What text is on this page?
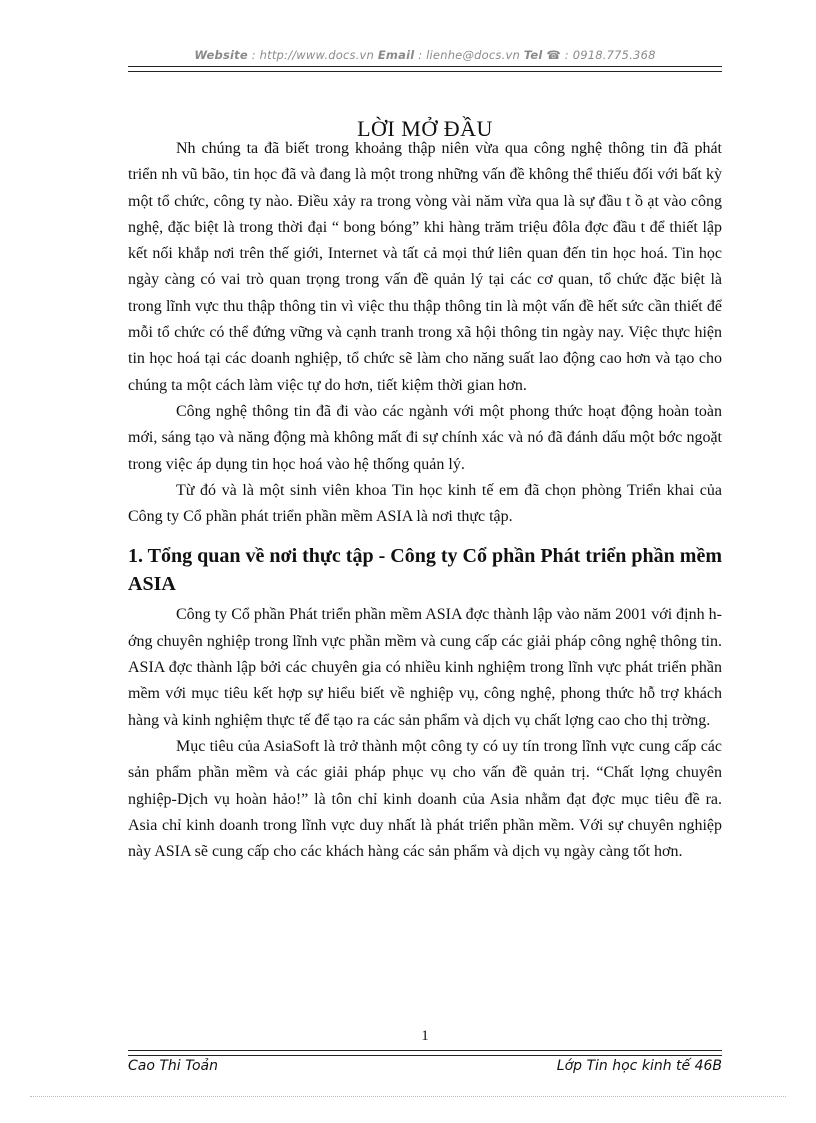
Website : http://www.docs.vn Email : lienhe@docs.vn Tel ☎ : 0918.775.368

Nh chúng ta đã biết trong khoảng thập niên vừa qua công nghệ thông tin đã phát triển nh vũ bão, tin học đã và đang là một trong những vấn đề không thể thiếu đối với bất kỳ một tổ chức, công ty nào. Điều xảy ra trong vòng vài năm vừa qua là sự đầu t ồ ạt vào công nghệ, đặc biệt là trong thời đại “ bong bóng” khi hàng trăm triệu đôla đợc đầu t để thiết lập kết nối khắp nơi trên thế giới, Internet và tất cả mọi thứ liên quan đến tin học hoá. Tin học ngày càng có vai trò quan trọng trong vấn đề quản lý tại các cơ quan, tổ chức đặc biệt là trong lĩnh vực thu thập thông tin vì việc thu thập thông tin là một vấn đề hết sức cần thiết để mỗi tổ chức có thể đứng vững và cạnh tranh trong xã hội thông tin ngày nay. Việc thực hiện tin học hoá tại các doanh nghiệp, tổ chức sẽ làm cho năng suất lao động cao hơn và tạo cho chúng ta một cách làm việc tự do hơn, tiết kiệm thời gian hơn.

Công nghệ thông tin đã đi vào các ngành với một phong thức hoạt động hoàn toàn mới, sáng tạo và năng động mà không mất đi sự chính xác và nó đã đánh dấu một bớc ngoặt trong việc áp dụng tin học hoá vào hệ thống quản lý.

Từ đó và là một sinh viên khoa Tin học kinh tế em đã chọn phòng Triển khai của Công ty Cổ phần phát triển phần mềm ASIA là nơi thực tập.

1. Tổng quan về nơi thực tập - Công ty Cổ phần Phát triển phần mềm ASIA

Công ty Cổ phần Phát triển phần mềm ASIA đợc thành lập vào năm 2001 với định hớng chuyên nghiệp trong lĩnh vực phần mềm và cung cấp các giải pháp công nghệ thông tin. ASIA đợc thành lập bởi các chuyên gia có nhiều kinh nghiệm trong lĩnh vực phát triển phần mềm với mục tiêu kết hợp sự hiểu biết về nghiệp vụ, công nghệ, phong thức hỗ trợ khách hàng và kinh nghiệm thực tế để tạo ra các sản phẩm và dịch vụ chất lợng cao cho thị trờng.

Mục tiêu của AsiaSoft là trở thành một công ty có uy tín trong lĩnh vực cung cấp các sản phẩm phần mềm và các giải pháp phục vụ cho vấn đề quản trị. “Chất lợng chuyên nghiệp-Dịch vụ hoàn hảo!” là tôn chỉ kinh doanh của Asia nhằm đạt đợc mục tiêu đề ra. Asia chỉ kinh doanh trong lĩnh vực duy nhất là phát triển phần mềm. Với sự chuyên nghiệp này ASIA sẽ cung cấp cho các khách hàng các sản phẩm và dịch vụ ngày càng tốt hơn.

LỜI MỞ ĐẦU
1
Cao Thi Toản	Lớp Tin học kinh tế 46B
